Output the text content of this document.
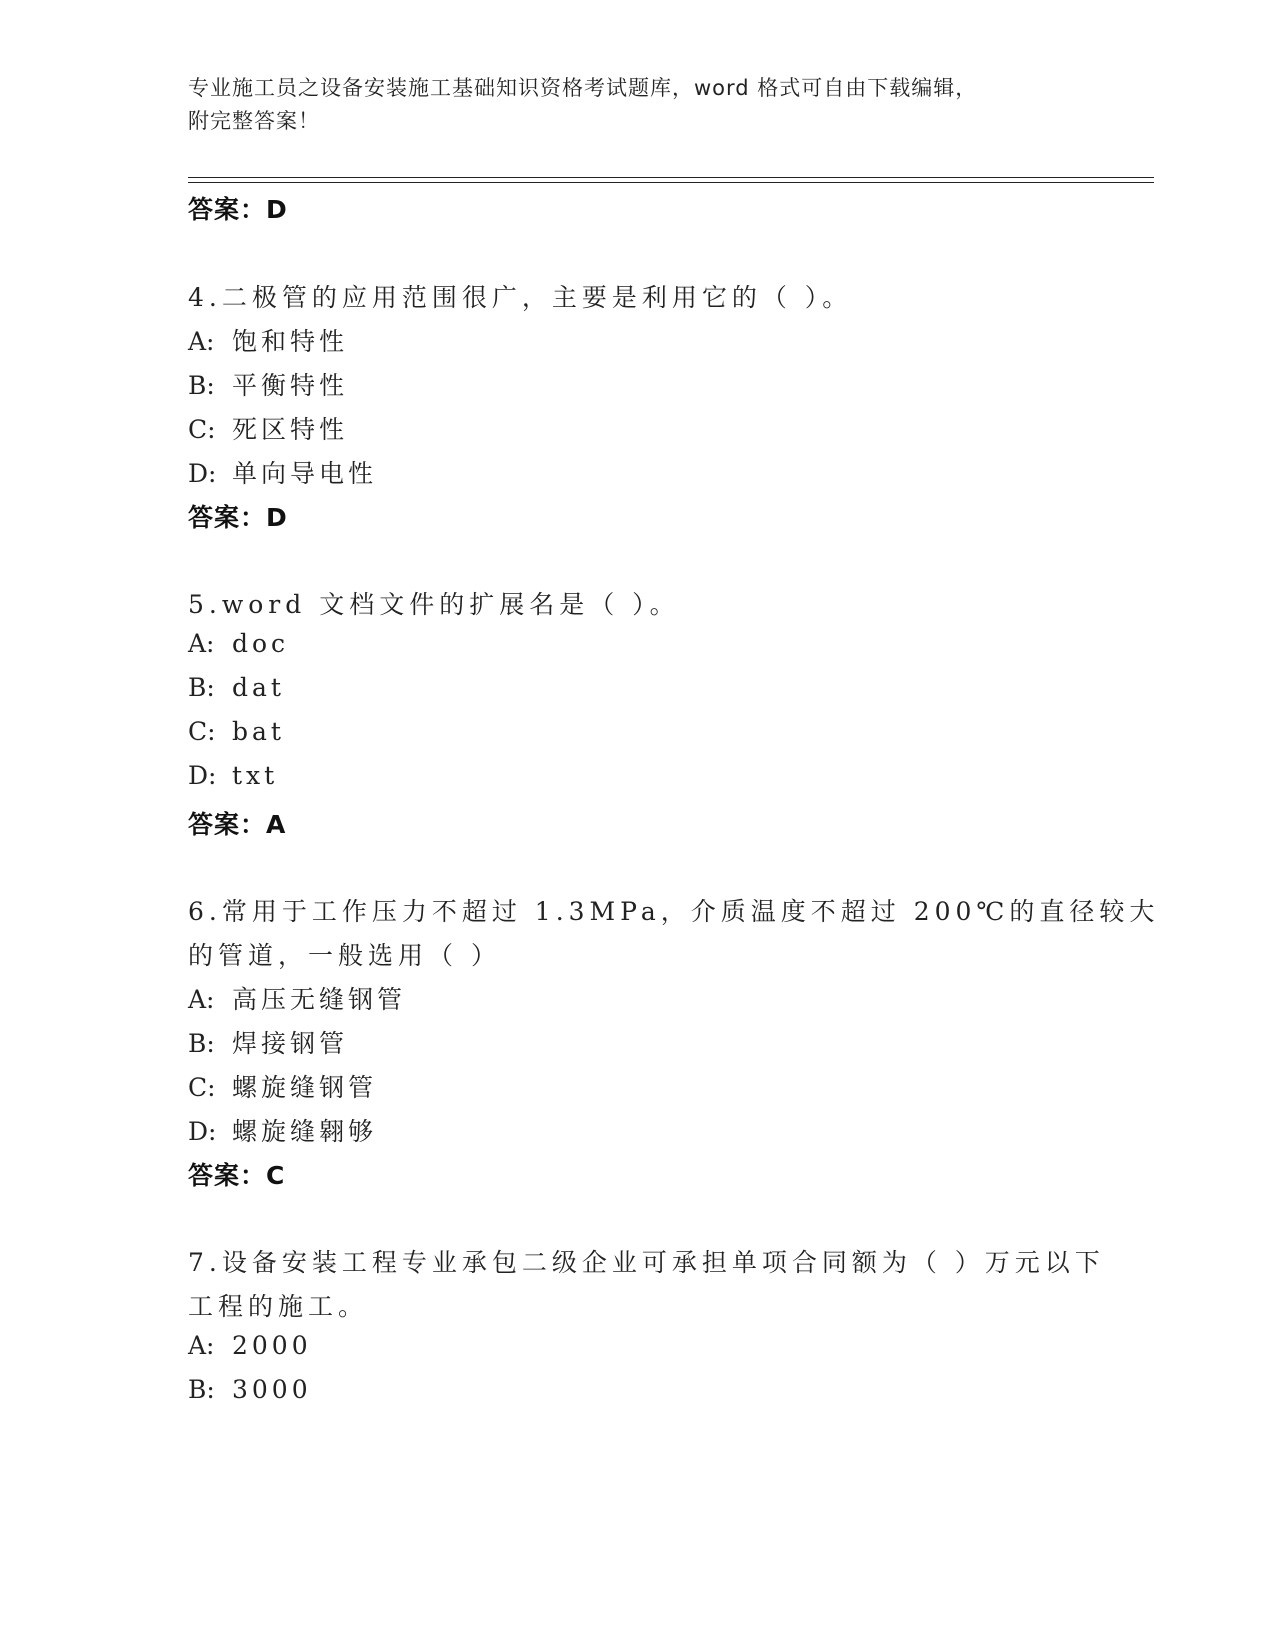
专业施工员之设备安装施工基础知识资格考试题库，word 格式可自由下载编辑，
附完整答案！
答案：D
4.二极管的应用范围很广，主要是利用它的（ ）。
A: 饱和特性
B: 平衡特性
C: 死区特性
D: 单向导电性
答案：D
5.word 文档文件的扩展名是（ ）。
A: doc
B: dat
C: bat
D: txt
答案：A
6.常用于工作压力不超过 1.3MPa，介质温度不超过 200℃的直径较大
的管道，一般选用（ ）
A: 高压无缝钢管
B: 焊接钢管
C: 螺旋缝钢管
D: 螺旋缝翱够
答案：C
7.设备安装工程专业承包二级企业可承担单项合同额为（ ）万元以下
工程的施工。
A: 2000
B: 3000
